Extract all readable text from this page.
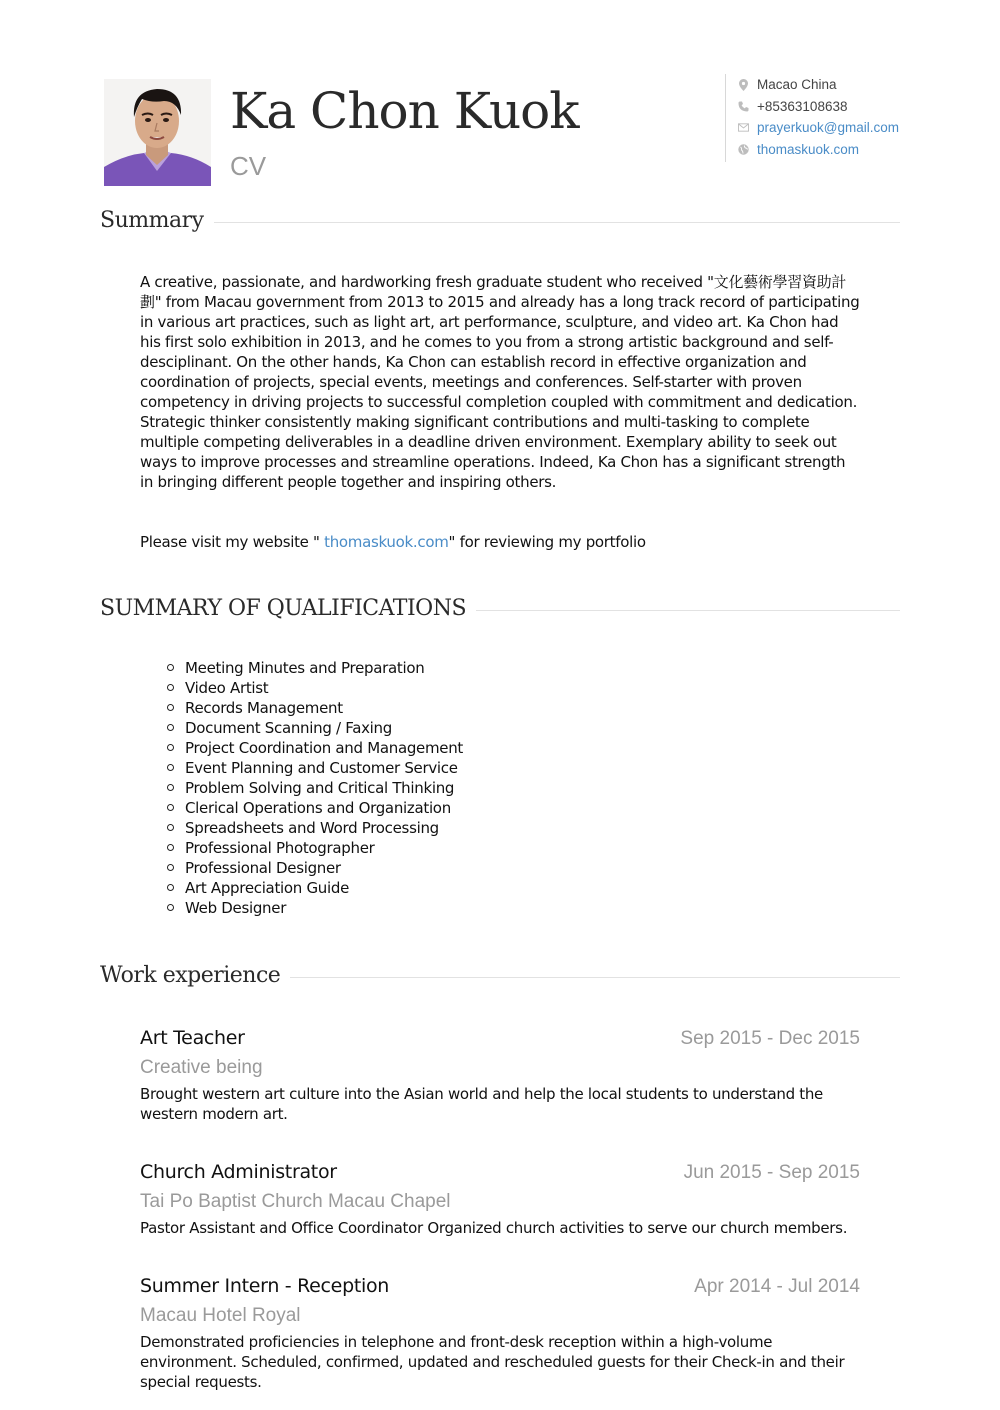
Ka Chon Kuok
CV
Macao China
+85363108638
prayerkuok@gmail.com
thomaskuok.com
Summary
A creative, passionate, and hardworking fresh graduate student who received "文化藝術學習資助計劃" from Macau government from 2013 to 2015 and already has a long track record of participating in various art practices, such as light art, art performance, sculpture, and video art. Ka Chon had his first solo exhibition in 2013, and he comes to you from a strong artistic background and self-desciplinant. On the other hands, Ka Chon can establish record in effective organization and coordination of projects, special events, meetings and conferences. Self-starter with proven competency in driving projects to successful completion coupled with commitment and dedication. Strategic thinker consistently making significant contributions and multi-tasking to complete multiple competing deliverables in a deadline driven environment. Exemplary ability to seek out ways to improve processes and streamline operations. Indeed, Ka Chon has a significant strength in bringing different people together and inspiring others.
Please visit my website " thomaskuok.com" for reviewing my portfolio
SUMMARY OF QUALIFICATIONS
Meeting Minutes and Preparation
Video Artist
Records Management
Document Scanning / Faxing
Project Coordination and Management
Event Planning and Customer Service
Problem Solving and Critical Thinking
Clerical Operations and Organization
Spreadsheets and Word Processing
Professional Photographer
Professional Designer
Art Appreciation Guide
Web Designer
Work experience
Art Teacher	Sep 2015 - Dec 2015
Creative being
Brought western art culture into the Asian world and help the local students to understand the western modern art.
Church Administrator	Jun 2015 - Sep 2015
Tai Po Baptist Church Macau Chapel
Pastor Assistant and Office Coordinator Organized church activities to serve our church members.
Summer Intern - Reception	Apr 2014 - Jul 2014
Macau Hotel Royal
Demonstrated proficiencies in telephone and front-desk reception within a high-volume environment. Scheduled, confirmed, updated and rescheduled guests for their Check-in and their special requests.
